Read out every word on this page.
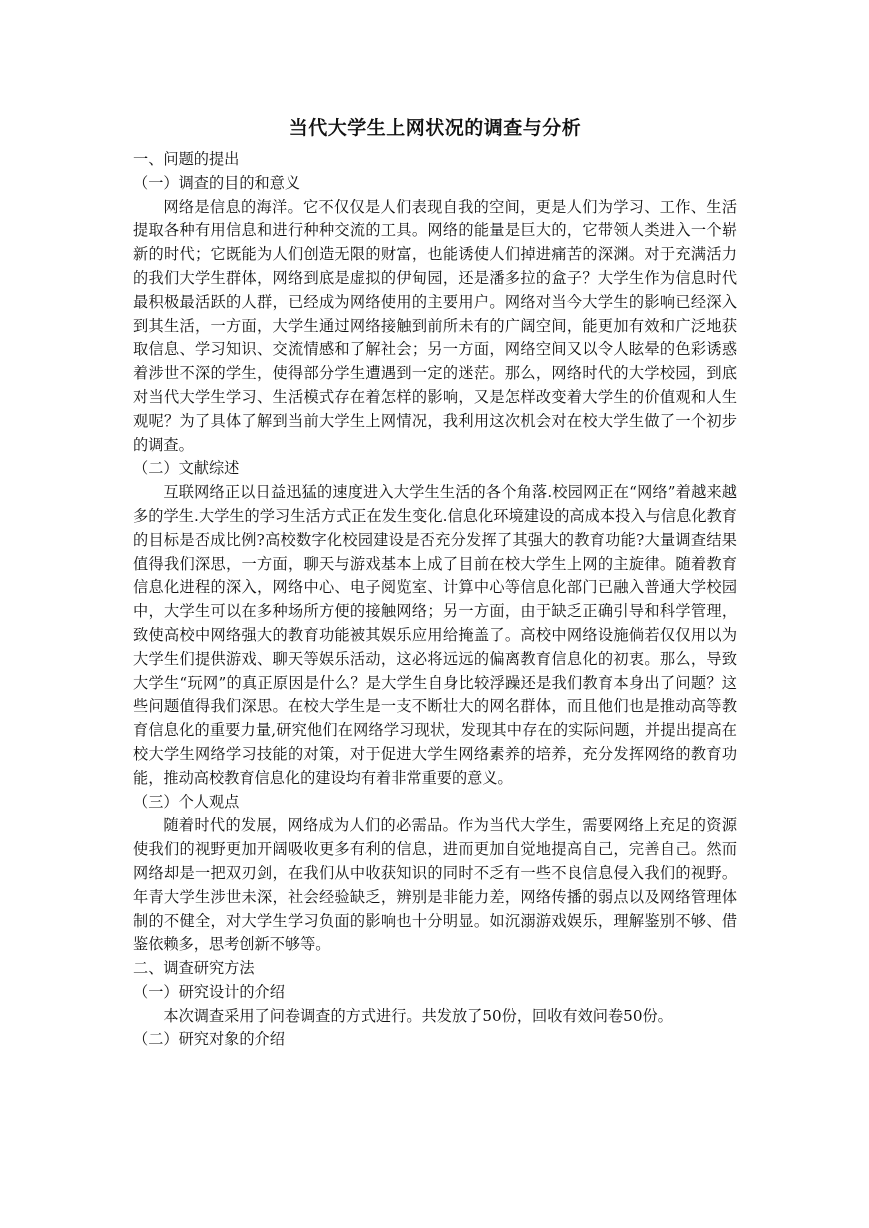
当代大学生上网状况的调查与分析
一、问题的提出
（一）调查的目的和意义

网络是信息的海洋。它不仅仅是人们表现自我的空间，更是人们为学习、工作、生活提取各种有用信息和进行种种交流的工具。网络的能量是巨大的，它带领人类进入一个崭新的时代；它既能为人们创造无限的财富，也能诱使人们掉进痛苦的深渊。对于充满活力的我们大学生群体，网络到底是虚拟的伊甸园，还是潘多拉的盒子？大学生作为信息时代最积极最活跃的人群，已经成为网络使用的主要用户。网络对当今大学生的影响已经深入到其生活，一方面，大学生通过网络接触到前所未有的广阔空间，能更加有效和广泛地获取信息、学习知识、交流情感和了解社会；另一方面，网络空间又以令人眩晕的色彩诱惑着涉世不深的学生，使得部分学生遭遇到一定的迷茫。那么，网络时代的大学校园，到底对当代大学生学习、生活模式存在着怎样的影响，又是怎样改变着大学生的价值观和人生观呢？为了具体了解到当前大学生上网情况，我利用这次机会对在校大学生做了一个初步的调查。

（二）文献综述

互联网络正以日益迅猛的速度进入大学生生活的各个角落.校园网正在“网络”着越来越多的学生.大学生的学习生活方式正在发生变化.信息化环境建设的高成本投入与信息化教育的目标是否成比例?高校数字化校园建设是否充分发挥了其强大的教育功能?大量调查结果值得我们深思，一方面，聊天与游戏基本上成了目前在校大学生上网的主旋律。随着教育信息化进程的深入，网络中心、电子阅览室、计算中心等信息化部门已融入普通大学校园中，大学生可以在多种场所方便的接触网络；另一方面，由于缺乏正确引导和科学管理，致使高校中网络强大的教育功能被其娱乐应用给掩盖了。高校中网络设施倘若仅仅用以为大学生们提供游戏、聊天等娱乐活动，这必将远远的偏离教育信息化的初衷。那么，导致大学生“玩网”的真正原因是什么？是大学生自身比较浮躁还是我们教育本身出了问题？这些问题值得我们深思。在校大学生是一支不断壮大的网名群体，而且他们也是推动高等教育信息化的重要力量,研究他们在网络学习现状，发现其中存在的实际问题，并提出提高在校大学生网络学习技能的对策，对于促进大学生网络素养的培养，充分发挥网络的教育功能，推动高校教育信息化的建设均有着非常重要的意义。

（三）个人观点

随着时代的发展，网络成为人们的必需品。作为当代大学生，需要网络上充足的资源　使我们的视野更加开阔吸收更多有利的信息，进而更加自觉地提高自己，完善自己。然而网络却是一把双刃剑，在我们从中收获知识的同时不乏有一些不良信息侵入我们的视野。年青大学生涉世未深，社会经验缺乏，辨别是非能力差，网络传播的弱点以及网络管理体制的不健全，对大学生学习负面的影响也十分明显。如沉溺游戏娱乐，理解鉴别不够、借鉴依赖多，思考创新不够等。

二、调查研究方法
（一）研究设计的介绍

本次调查采用了问卷调查的方式进行。共发放了50份，回收有效问卷50份。

（二）研究对象的介绍
